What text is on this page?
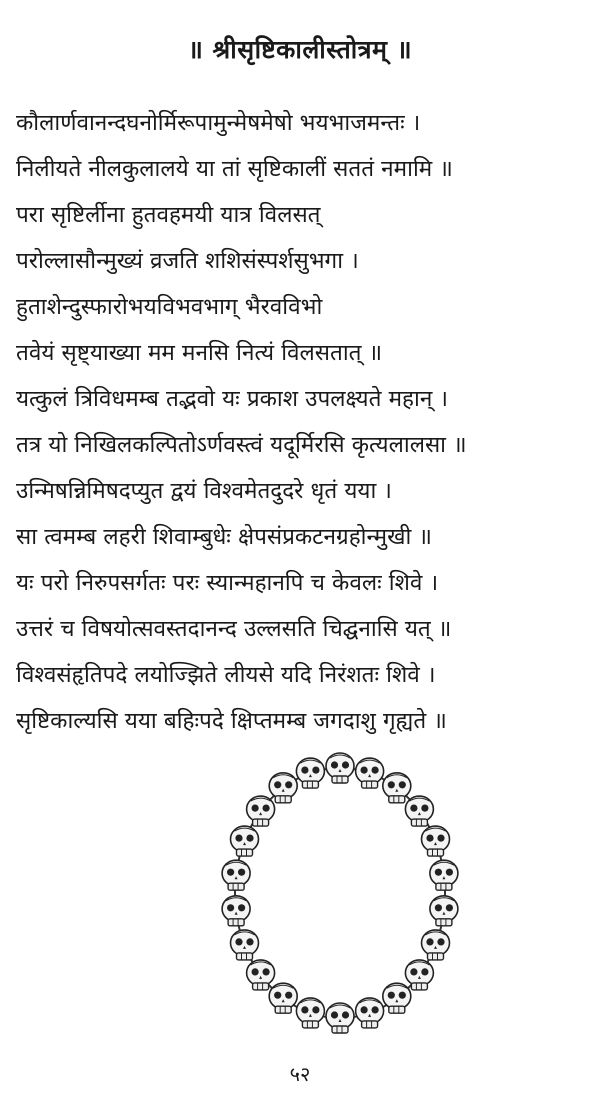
॥ श्रीसृष्टिकालीस्तोत्रम् ॥
कौलार्णवानन्दघनोर्मिरूपामुन्मेषमेषो भयभाजमन्तः ।
निलीयते नीलकुलालये या तां सृष्टिकालीं सततं नमामि ॥
परा सृष्टिर्लीना हुतवहमयी यात्र विलसत्
परोल्लासौन्मुख्यं व्रजति शशिसंस्पर्शसुभगा ।
हुताशेन्दुस्फारोभयविभवभाग् भैरवविभो
तवेयं सृष्ट्याख्या मम मनसि नित्यं विलसतात् ॥
यत्कुलं त्रिविधमम्ब तद्भवो यः प्रकाश उपलक्ष्यते महान् ।
तत्र यो निखिलकल्पितोऽर्णवस्त्वं यदूर्मिरसि कृत्यलालसा ॥
उन्मिषन्निमिषदप्युत द्वयं विश्वमेतदुदरे धृतं यया ।
सा त्वमम्ब लहरी शिवाम्बुधेः क्षेपसंप्रकटनग्रहोन्मुखी ॥
यः परो निरुपसर्गतः परः स्यान्महानपि च केवलः शिवे ।
उत्तरं च विषयोत्सवस्तदानन्द उल्लसति चिद्घनासि यत् ॥
विश्वसंहृतिपदे लयोज्झिते लीयसे यदि निरंशतः शिवे ।
सृष्टिकाल्यसि यया बहिःपदे क्षिप्तमम्ब जगदाशु गृह्यते ॥
५२
